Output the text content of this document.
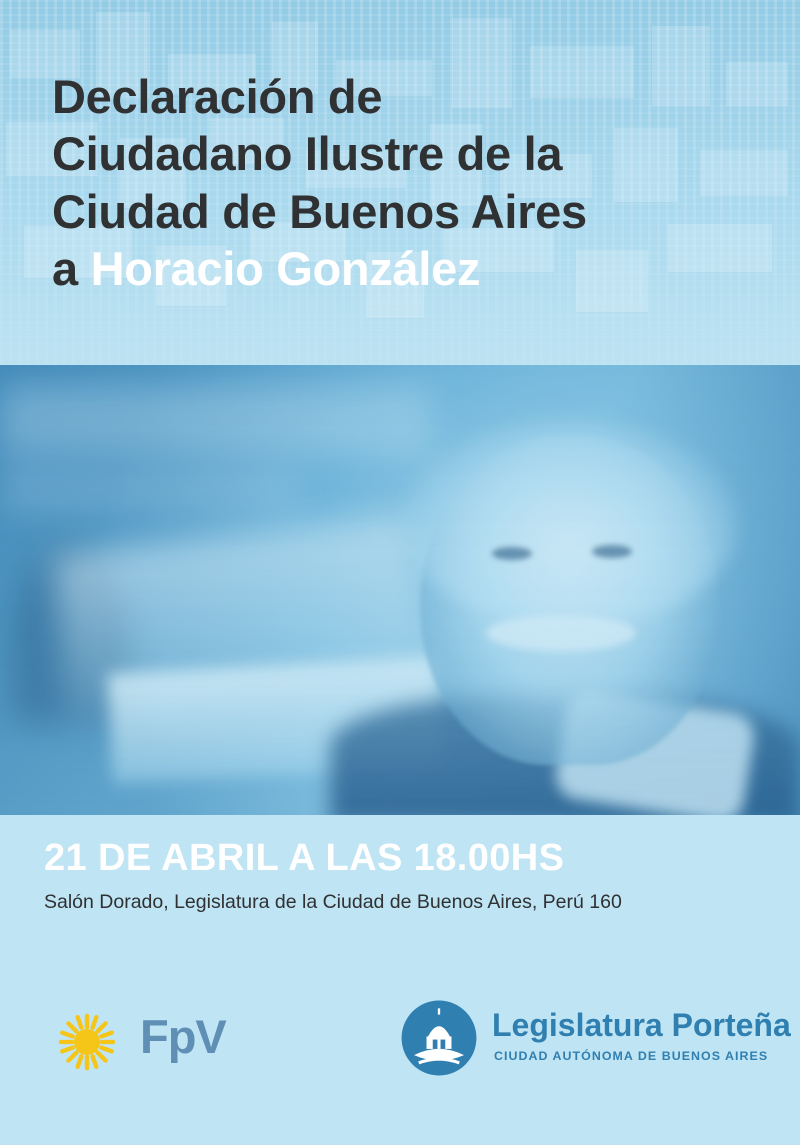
Declaración de
Ciudadano Ilustre de la
Ciudad de Buenos Aires
a Horacio González
21 DE ABRIL A LAS 18.00HS
Salón Dorado, Legislatura de la Ciudad de Buenos Aires, Perú 160
FpV	Legislatura Porteña
CIUDAD AUTÓNOMA DE BUENOS AIRES
